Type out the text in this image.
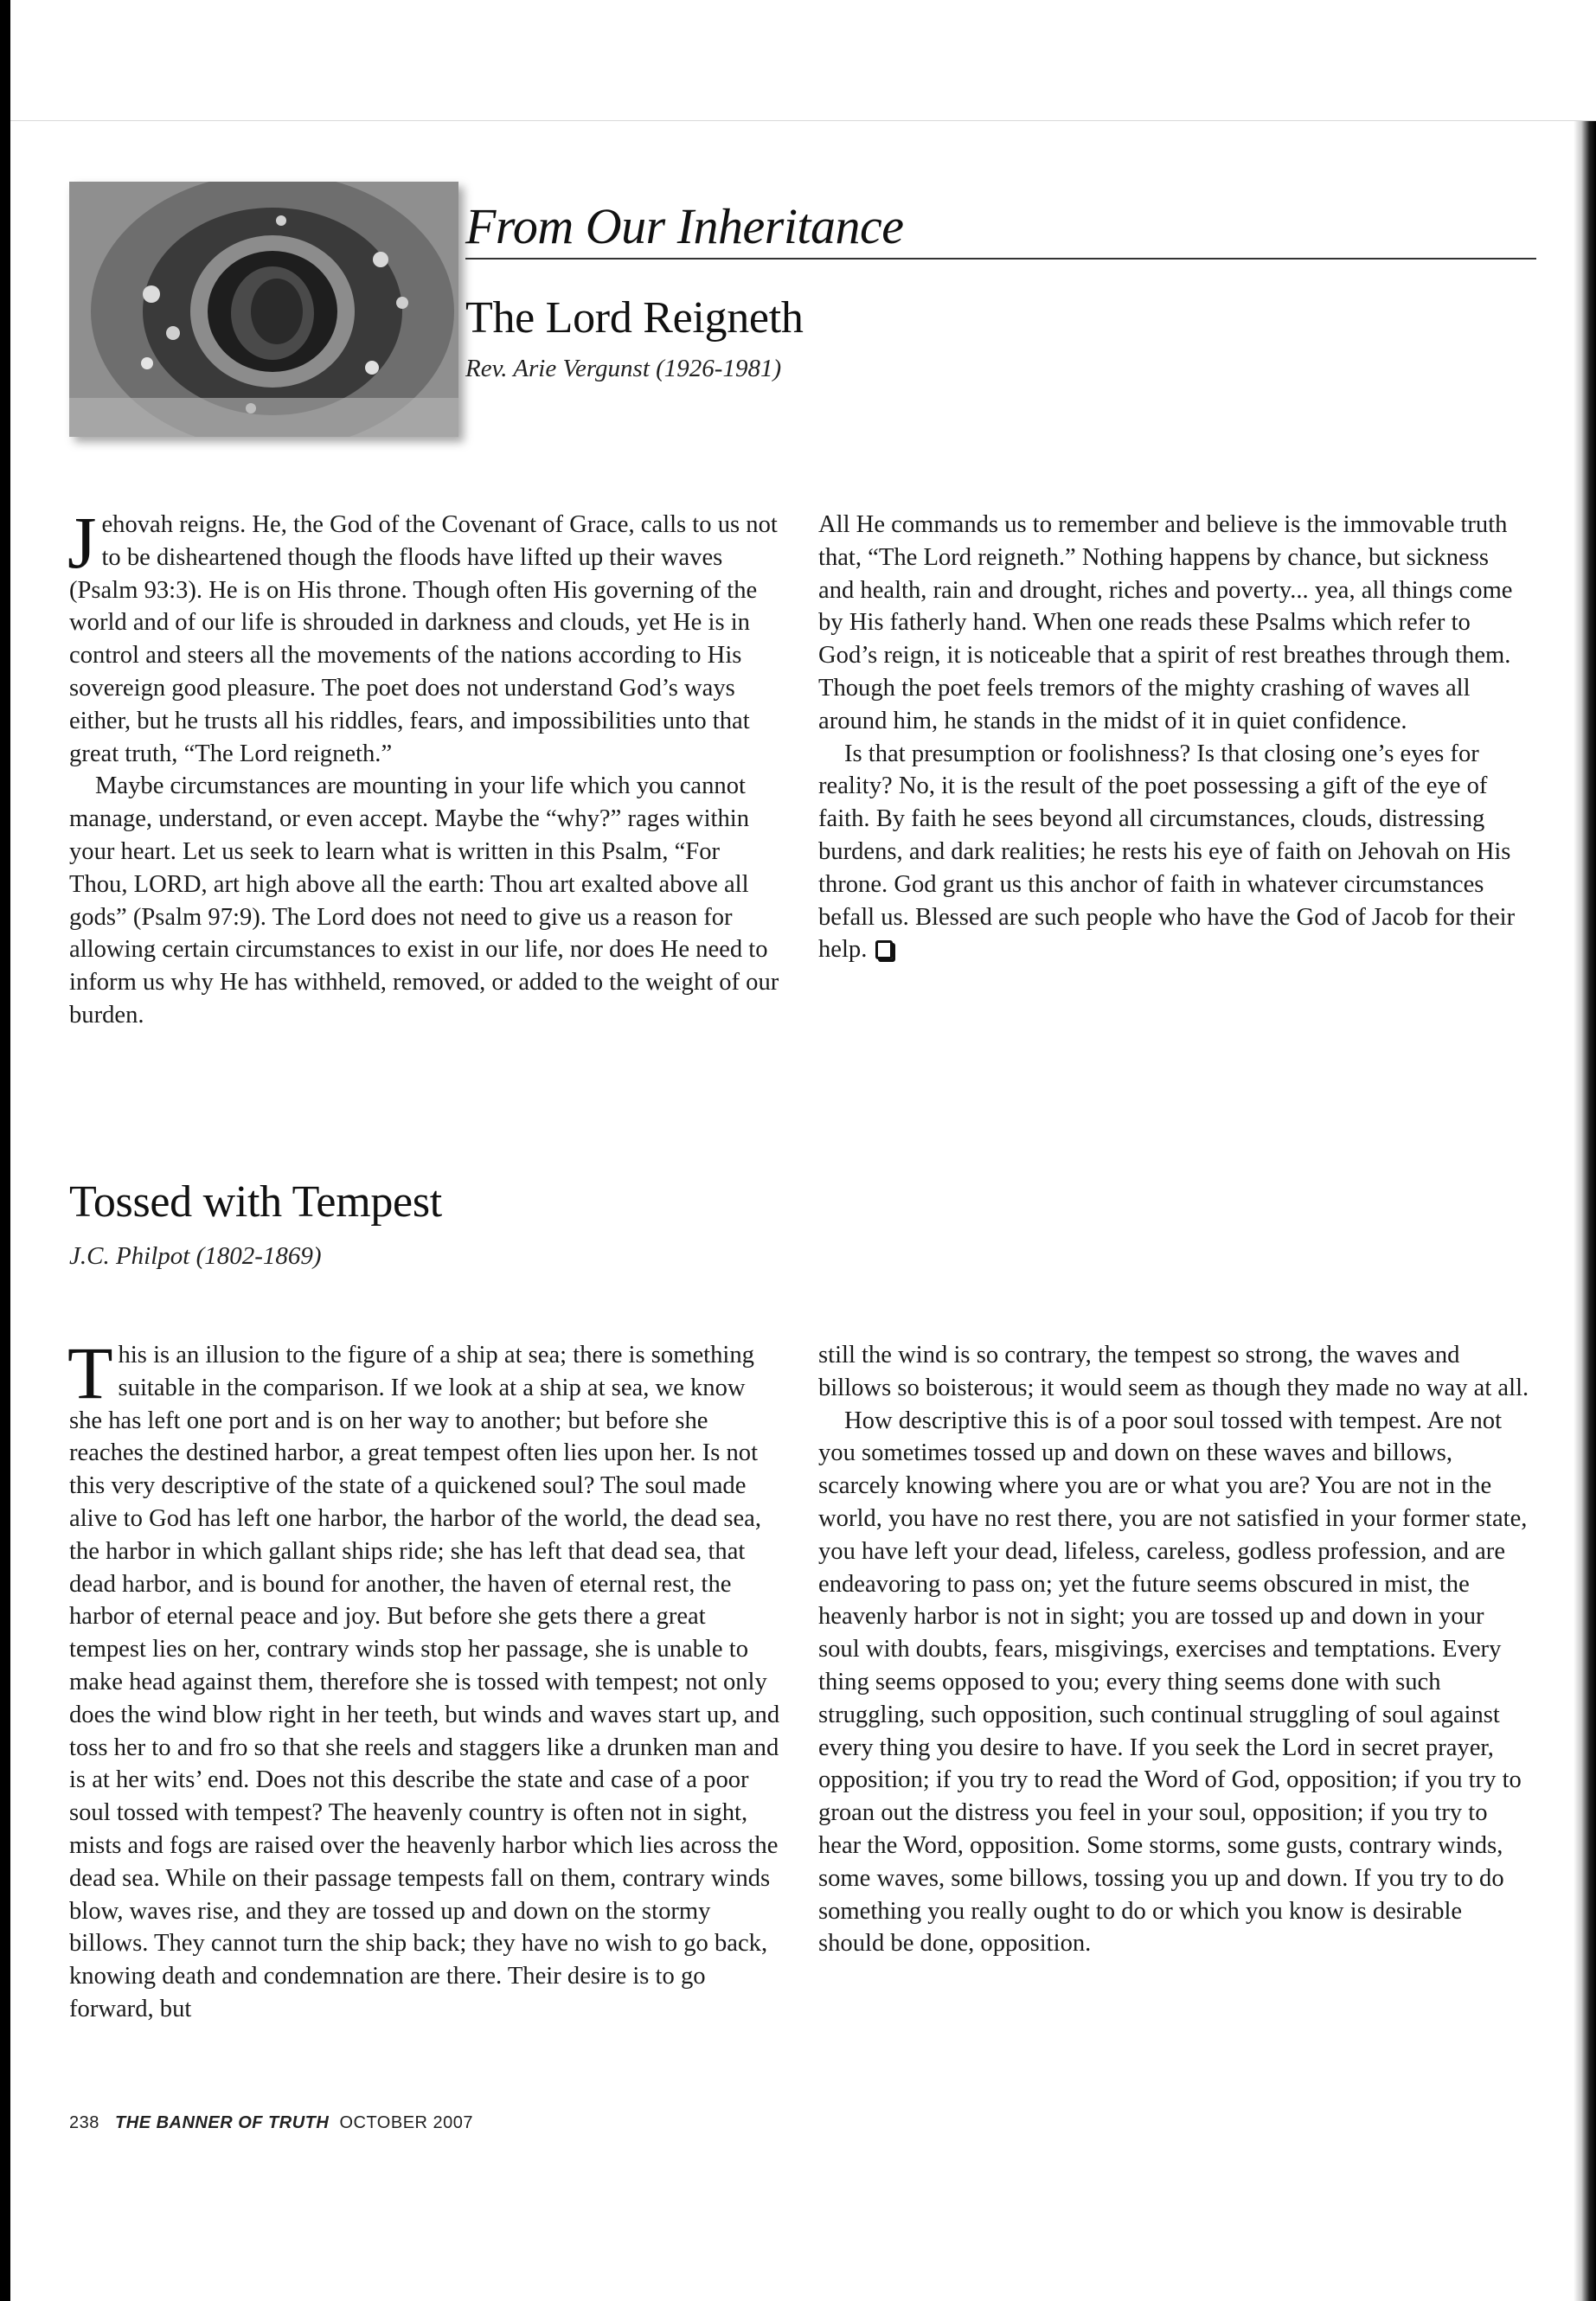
From Our Inheritance
The Lord Reigneth
Rev. Arie Vergunst (1926-1981)

Jehovah reigns. He, the God of the Covenant of Grace, calls to us not to be disheartened though the floods have lifted up their waves (Psalm 93:3). He is on His throne. Though often His governing of the world and of our life is shrouded in darkness and clouds, yet He is in control and steers all the movements of the nations according to His sovereign good pleasure. The poet does not understand God’s ways either, but he trusts all his riddles, fears, and impossibilities unto that great truth, “The Lord reigneth.”

Maybe circumstances are mounting in your life which you cannot manage, understand, or even accept. Maybe the “why?” rages within your heart. Let us seek to learn what is written in this Psalm, “For Thou, LORD, art high above all the earth: Thou art exalted above all gods” (Psalm 97:9). The Lord does not need to give us a reason for allowing certain circumstances to exist in our life, nor does He need to inform us why He has withheld, removed, or added to the weight of our burden.

All He commands us to remember and believe is the immovable truth that, “The Lord reigneth.” Nothing happens by chance, but sickness and health, rain and drought, riches and poverty... yea, all things come by His fatherly hand. When one reads these Psalms which refer to God’s reign, it is noticeable that a spirit of rest breathes through them. Though the poet feels tremors of the mighty crashing of waves all around him, he stands in the midst of it in quiet confidence.

Is that presumption or foolishness? Is that closing one’s eyes for reality? No, it is the result of the poet possessing a gift of the eye of faith. By faith he sees beyond all circumstances, clouds, distressing burdens, and dark realities; he rests his eye of faith on Jehovah on His throne. God grant us this anchor of faith in whatever circumstances befall us. Blessed are such people who have the God of Jacob for their help.

Tossed with Tempest
J.C. Philpot (1802-1869)

This is an illusion to the figure of a ship at sea; there is something suitable in the comparison. If we look at a ship at sea, we know she has left one port and is on her way to another; but before she reaches the destined harbor, a great tempest often lies upon her. Is not this very descriptive of the state of a quickened soul? The soul made alive to God has left one harbor, the harbor of the world, the dead sea, the harbor in which gallant ships ride; she has left that dead sea, that dead harbor, and is bound for another, the haven of eternal rest, the harbor of eternal peace and joy. But before she gets there a great tempest lies on her, contrary winds stop her passage, she is unable to make head against them, therefore she is tossed with tempest; not only does the wind blow right in her teeth, but winds and waves start up, and toss her to and fro so that she reels and staggers like a drunken man and is at her wits’ end. Does not this describe the state and case of a poor soul tossed with tempest? The heavenly country is often not in sight, mists and fogs are raised over the heavenly harbor which lies across the dead sea. While on their passage tempests fall on them, contrary winds blow, waves rise, and they are tossed up and down on the stormy billows. They cannot turn the ship back; they have no wish to go back, knowing death and condemnation are there. Their desire is to go forward, but

still the wind is so contrary, the tempest so strong, the waves and billows so boisterous; it would seem as though they made no way at all.

How descriptive this is of a poor soul tossed with tempest. Are not you sometimes tossed up and down on these waves and billows, scarcely knowing where you are or what you are? You are not in the world, you have no rest there, you are not satisfied in your former state, you have left your dead, lifeless, careless, godless profession, and are endeavoring to pass on; yet the future seems obscured in mist, the heavenly harbor is not in sight; you are tossed up and down in your soul with doubts, fears, misgivings, exercises and temptations. Every thing seems opposed to you; every thing seems done with such struggling, such opposition, such continual struggling of soul against every thing you desire to have. If you seek the Lord in secret prayer, opposition; if you try to read the Word of God, opposition; if you try to groan out the distress you feel in your soul, opposition; if you try to hear the Word, opposition. Some storms, some gusts, contrary winds, some waves, some billows, tossing you up and down. If you try to do something you really ought to do or which you know is desirable should be done, opposition.

238 THE BANNER OF TRUTH OCTOBER 2007
